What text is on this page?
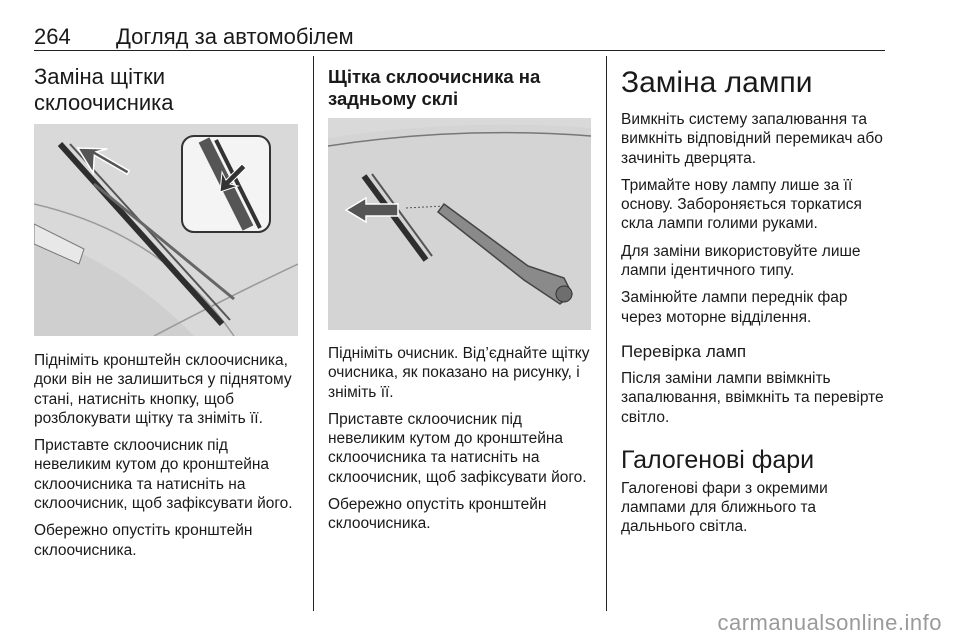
264 Догляд за автомобілем
Заміна щітки склоочисника

Підніміть кронштейн склоочисника, доки він не залишиться у піднятому стані, натисніть кнопку, щоб розблокувати щітку та зніміть її.

Приставте склоочисник під невеликим кутом до кронштейна склоочисника та натисніть на склоочисник, щоб зафіксувати його.

Обережно опустіть кронштейн склоочисника.

Щітка склоочисника на задньому склі

Підніміть очисник. Від’єднайте щітку очисника, як показано на рисунку, і зніміть її.

Приставте склоочисник під невеликим кутом до кронштейна склоочисника та натисніть на склоочисник, щоб зафіксувати його.

Обережно опустіть кронштейн склоочисника.

Заміна лампи

Вимкніть систему запалювання та вимкніть відповідний перемикач або зачиніть дверцята.

Тримайте нову лампу лише за її основу. Забороняється торкатися скла лампи голими руками.

Для заміни використовуйте лише лампи ідентичного типу.

Замінюйте лампи переднік фар через моторне відділення.

Перевірка ламп

Після заміни лампи ввімкніть запалювання, ввімкніть та перевірте світло.

Галогенові фари

Галогенові фари з окремими лампами для ближнього та дальнього світла.

carmanualsonline.info
